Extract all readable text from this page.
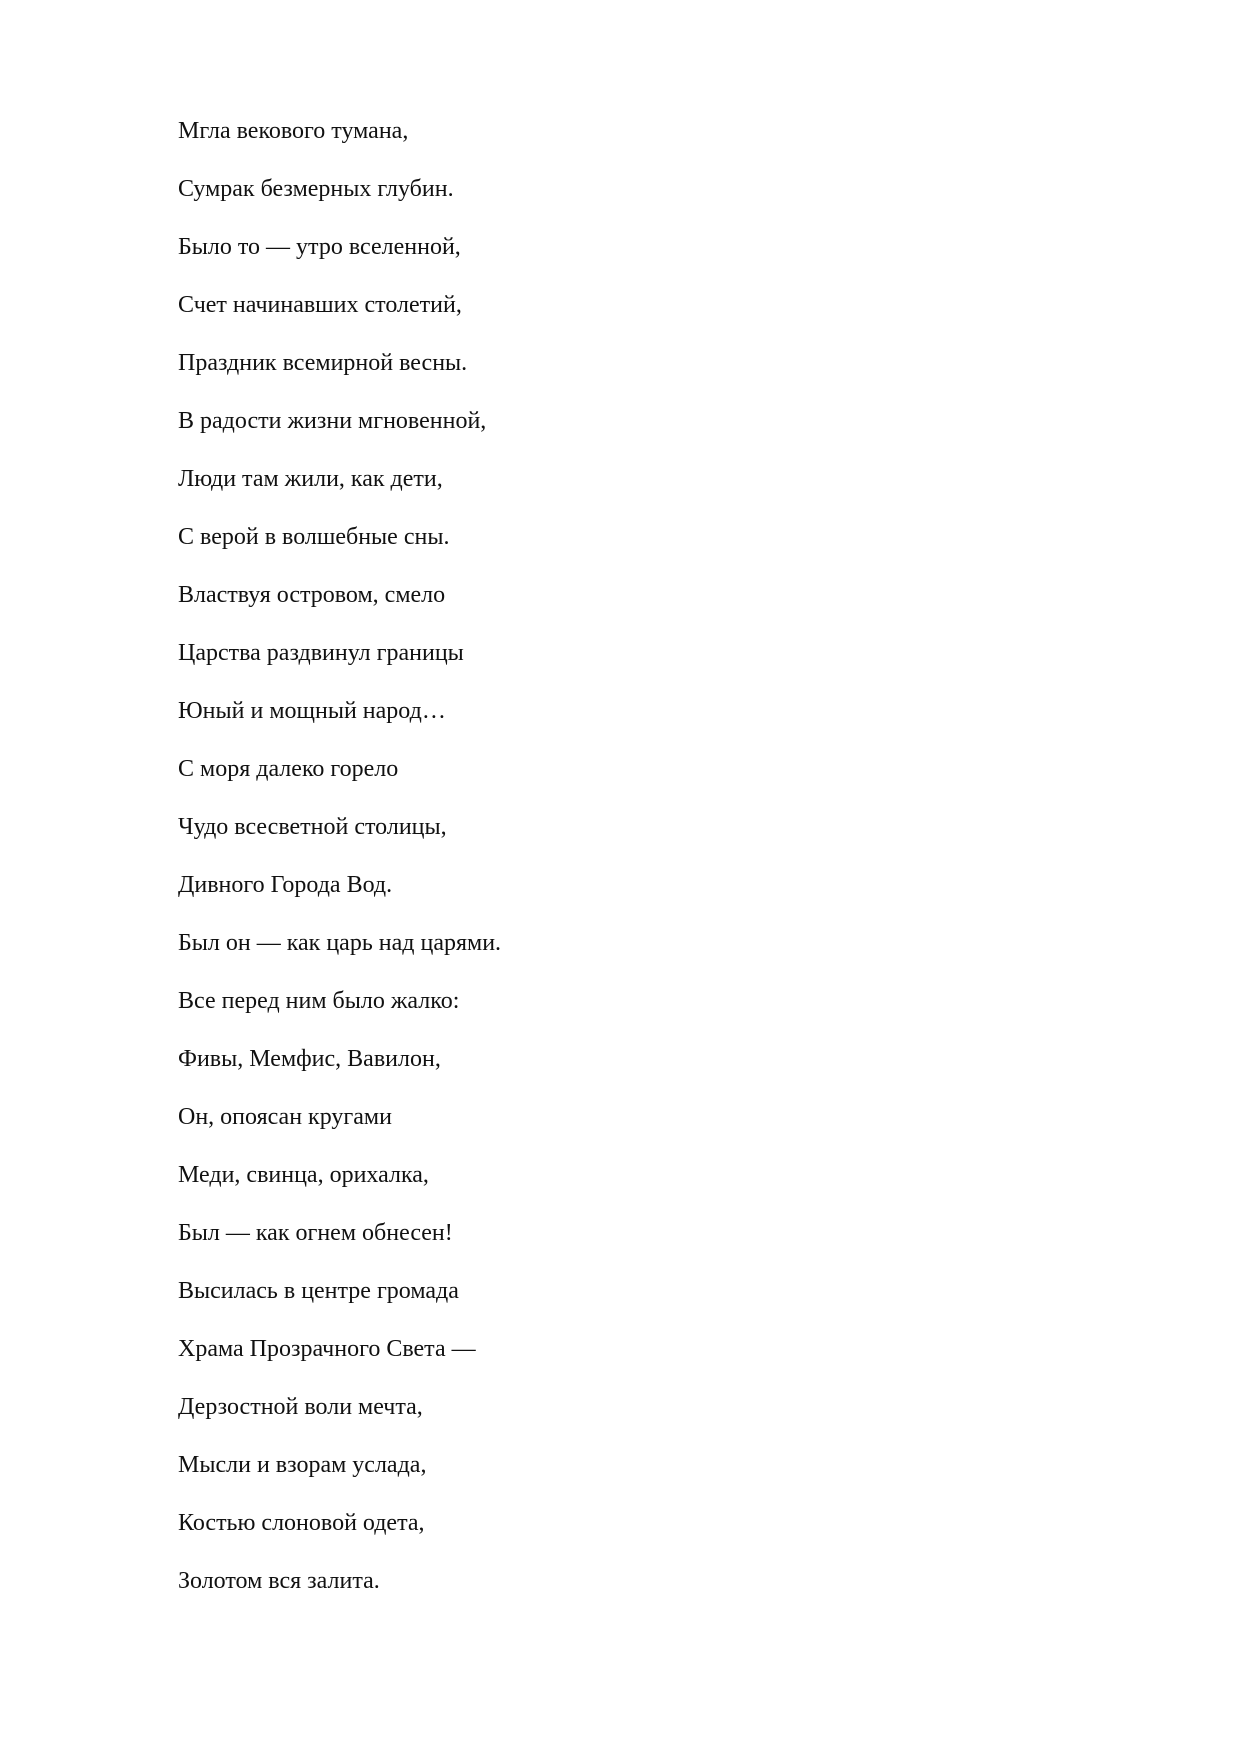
Мгла векового тумана,

Сумрак безмерных глубин.

Было то — утро вселенной,

Счет начинавших столетий,

Праздник всемирной весны.

В радости жизни мгновенной,

Люди там жили, как дети,

С верой в волшебные сны.

Властвуя островом, смело

Царства раздвинул границы

Юный и мощный народ…

С моря далеко горело

Чудо всесветной столицы,

Дивного Города Вод.

Был он — как царь над царями.

Все перед ним было жалко:

Фивы, Мемфис, Вавилон,

Он, опоясан кругами

Меди, свинца, орихалка,

Был — как огнем обнесен!

Высилась в центре громада

Храма Прозрачного Света —

Дерзостной воли мечта,

Мысли и взорам услада,

Костью слоновой одета,

Золотом вся залита.
